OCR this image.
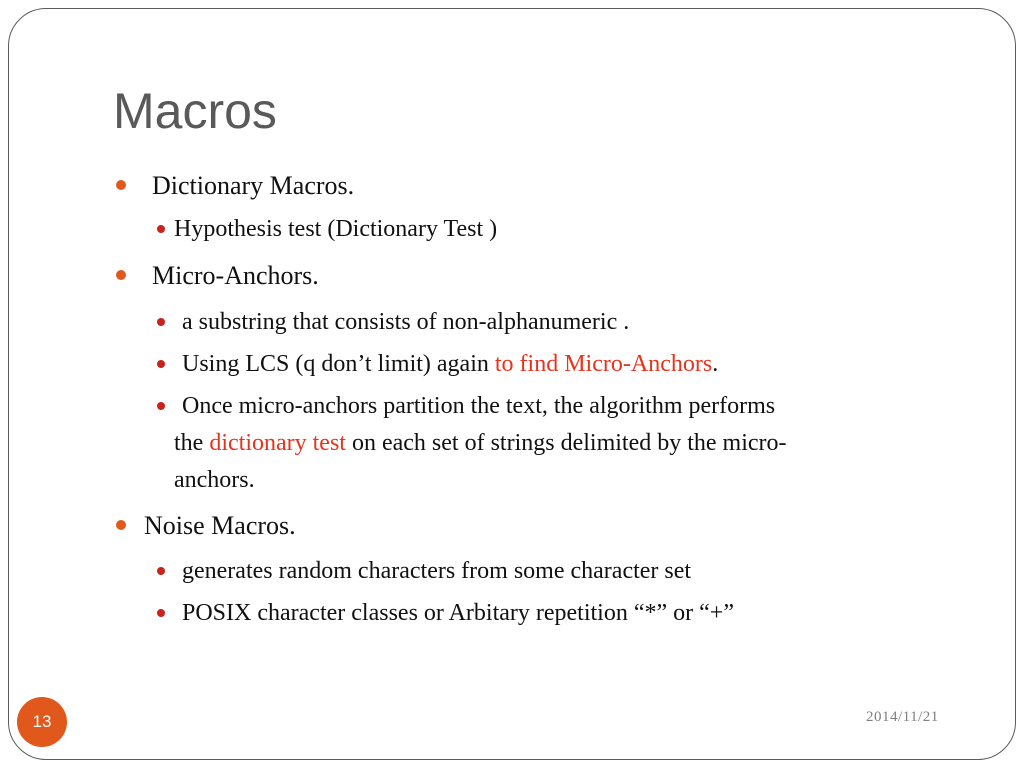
Macros
Dictionary Macros.
Hypothesis test (Dictionary Test )
Micro-Anchors.
a substring that consists of non-alphanumeric .
Using LCS (q don’t limit) again to find Micro-Anchors.
Once micro-anchors partition the text, the algorithm performs
the dictionary test on each set of strings delimited by the micro-
anchors.
Noise Macros.
generates random characters from some character set
POSIX character classes or Arbitary repetition “*” or “+”
2014/11/21
13
